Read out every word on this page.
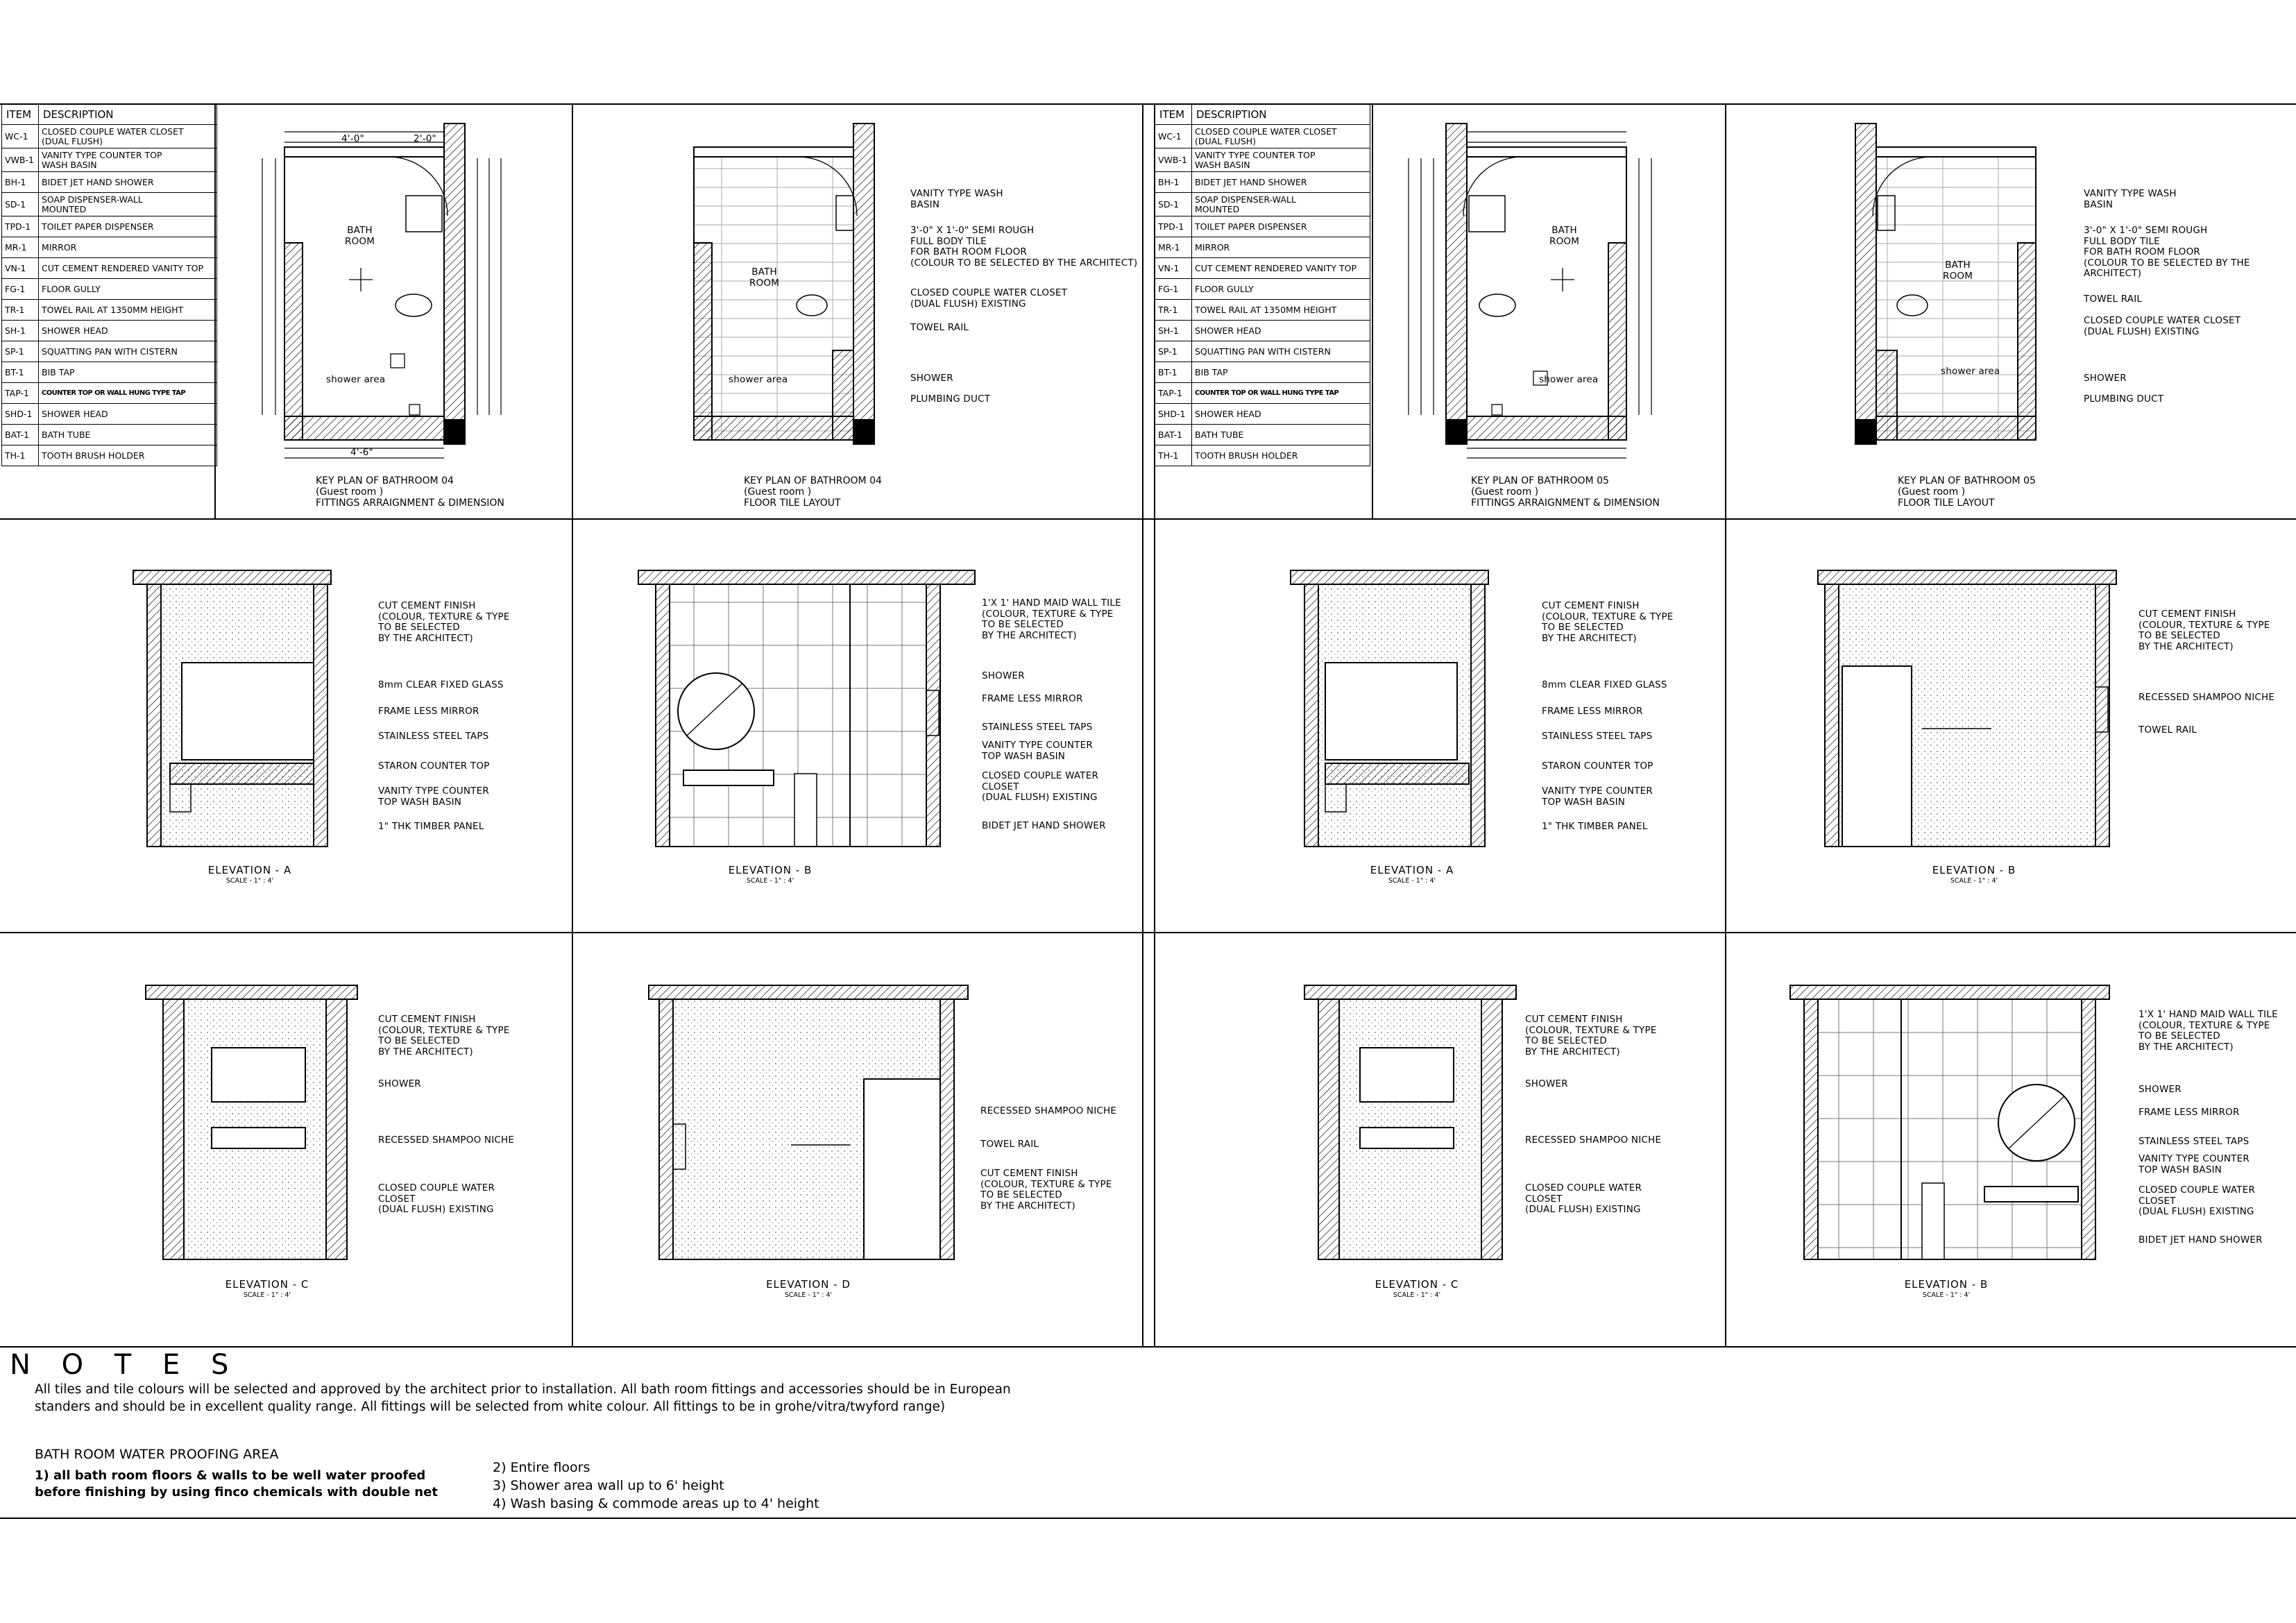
ITEM	DESCRIPTION
WC-1	CLOSED COUPLE WATER CLOSET
(DUAL FLUSH)
VWB-1	VANITY TYPE COUNTER TOP
WASH BASIN
BH-1	BIDET JET HAND SHOWER
SD-1	SOAP DISPENSER-WALL
MOUNTED
TPD-1	TOILET PAPER DISPENSER
MR-1	MIRROR
VN-1	CUT CEMENT RENDERED VANITY TOP
FG-1	FLOOR GULLY
TR-1	TOWEL RAIL AT 1350MM HEIGHT
SH-1	SHOWER HEAD
SP-1	SQUATTING PAN WITH CISTERN
BT-1	BIB TAP
TAP-1	COUNTER TOP OR WALL HUNG TYPE TAP
SHD-1	SHOWER HEAD
BAT-1	BATH TUBE
TH-1	TOOTH BRUSH HOLDER
ITEM	DESCRIPTION
WC-1	CLOSED COUPLE WATER CLOSET
(DUAL FLUSH)
VWB-1	VANITY TYPE COUNTER TOP
WASH BASIN
BH-1	BIDET JET HAND SHOWER
SD-1	SOAP DISPENSER-WALL
MOUNTED
TPD-1	TOILET PAPER DISPENSER
MR-1	MIRROR
VN-1	CUT CEMENT RENDERED VANITY TOP
FG-1	FLOOR GULLY
TR-1	TOWEL RAIL AT 1350MM HEIGHT
SH-1	SHOWER HEAD
SP-1	SQUATTING PAN WITH CISTERN
BT-1	BIB TAP
TAP-1	COUNTER TOP OR WALL HUNG TYPE TAP
SHD-1	SHOWER HEAD
BAT-1	BATH TUBE
TH-1	TOOTH BRUSH HOLDER
BATH
ROOM
shower area
KEY PLAN OF BATHROOM 04
(Guest room )
FITTINGS ARRAIGNMENT & DIMENSION
4'-0"	2'-0"
4'-6"
BATH
ROOM
shower area
KEY PLAN OF BATHROOM 04
(Guest room )
FLOOR TILE LAYOUT
VANITY TYPE WASH
BASIN
3'-0" X 1'-0" SEMI ROUGH
FULL BODY TILE
FOR BATH ROOM FLOOR
(COLOUR TO BE SELECTED BY THE ARCHITECT)
CLOSED COUPLE WATER CLOSET
(DUAL FLUSH) EXISTING
TOWEL RAIL
SHOWER
PLUMBING DUCT
BATH
ROOM
shower area
KEY PLAN OF BATHROOM 05
(Guest room )
FITTINGS ARRAIGNMENT & DIMENSION
BATH
ROOM
shower area
KEY PLAN OF BATHROOM 05
(Guest room )
FLOOR TILE LAYOUT
VANITY TYPE WASH
BASIN
3'-0" X 1'-0" SEMI ROUGH
FULL BODY TILE
FOR BATH ROOM FLOOR
(COLOUR TO BE SELECTED BY THE ARCHITECT)
TOWEL RAIL
CLOSED COUPLE WATER CLOSET
(DUAL FLUSH) EXISTING
SHOWER
PLUMBING DUCT
CUT CEMENT FINISH
(COLOUR, TEXTURE & TYPE
TO BE SELECTED
BY THE ARCHITECT)
8mm CLEAR FIXED GLASS
FRAME LESS MIRROR
STAINLESS STEEL TAPS
STARON COUNTER TOP
VANITY TYPE COUNTER
TOP WASH BASIN
1" THK TIMBER PANEL
ELEVATION - A
SCALE - 1" : 4'
1'X 1' HAND MAID WALL TILE
(COLOUR, TEXTURE & TYPE
TO BE SELECTED
BY THE ARCHITECT)
SHOWER
FRAME LESS MIRROR
STAINLESS STEEL TAPS
VANITY TYPE COUNTER
TOP WASH BASIN
CLOSED COUPLE WATER
CLOSET
(DUAL FLUSH) EXISTING
BIDET JET HAND SHOWER
ELEVATION - B
SCALE - 1" : 4'
CUT CEMENT FINISH
(COLOUR, TEXTURE & TYPE
TO BE SELECTED
BY THE ARCHITECT)
8mm CLEAR FIXED GLASS
FRAME LESS MIRROR
STAINLESS STEEL TAPS
STARON COUNTER TOP
VANITY TYPE COUNTER
TOP WASH BASIN
1" THK TIMBER PANEL
ELEVATION - A
SCALE - 1" : 4'
CUT CEMENT FINISH
(COLOUR, TEXTURE & TYPE
TO BE SELECTED
BY THE ARCHITECT)
RECESSED SHAMPOO NICHE
TOWEL RAIL
ELEVATION - B
SCALE - 1" : 4'
CUT CEMENT FINISH
(COLOUR, TEXTURE & TYPE
TO BE SELECTED
BY THE ARCHITECT)
SHOWER
RECESSED SHAMPOO NICHE
CLOSED COUPLE WATER
CLOSET
(DUAL FLUSH) EXISTING
ELEVATION - C
SCALE - 1" : 4'
RECESSED SHAMPOO NICHE
TOWEL RAIL
CUT CEMENT FINISH
(COLOUR, TEXTURE & TYPE
TO BE SELECTED
BY THE ARCHITECT)
ELEVATION - D
SCALE - 1" : 4'
CUT CEMENT FINISH
(COLOUR, TEXTURE & TYPE
TO BE SELECTED
BY THE ARCHITECT)
SHOWER
RECESSED SHAMPOO NICHE
CLOSED COUPLE WATER
CLOSET
(DUAL FLUSH) EXISTING
ELEVATION - C
SCALE - 1" : 4'
1'X 1' HAND MAID WALL TILE
(COLOUR, TEXTURE & TYPE
TO BE SELECTED
BY THE ARCHITECT)
SHOWER
FRAME LESS MIRROR
STAINLESS STEEL TAPS
VANITY TYPE COUNTER
TOP WASH BASIN
CLOSED COUPLE WATER
CLOSET
(DUAL FLUSH) EXISTING
BIDET JET HAND SHOWER
ELEVATION - B
SCALE - 1" : 4'
N O T E S
All tiles and tile colours will be selected and approved by the architect prior to installation. All bath room fittings and accessories should be in European standers and should be in excellent quality range. All fittings will be selected from white colour. All fittings to be in grohe/vitra/twyford range)
BATH ROOM WATER PROOFING AREA
1) all bath room floors & walls to be well water proofed
before finishing by using finco chemicals with double net
2) Entire floors
3) Shower area wall up to 6' height
4) Wash basing & commode areas up to 4' height
